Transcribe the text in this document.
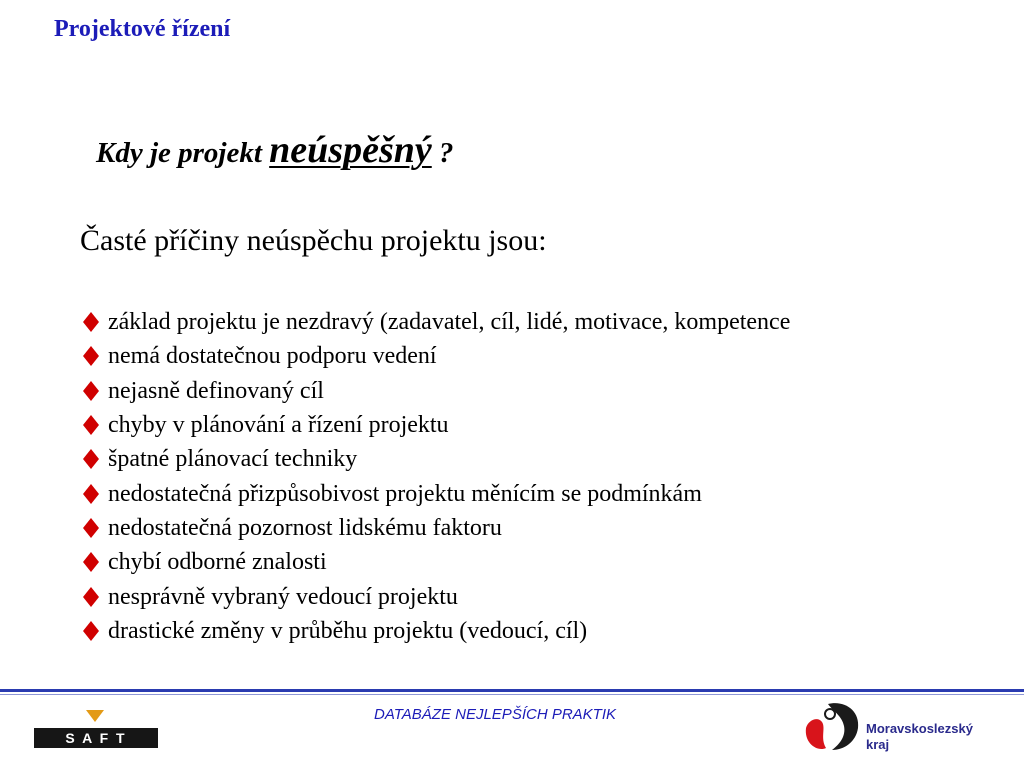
Projektové řízení
Kdy je projekt neúspěšný ?
Časté příčiny neúspěchu projektu jsou:
základ projektu je nezdravý (zadavatel, cíl, lidé, motivace, kompetence
nemá dostatečnou podporu vedení
nejasně definovaný cíl
chyby v plánování a řízení projektu
špatné plánovací techniky
nedostatečná přizpůsobivost projektu měnícím se podmínkám
nedostatečná pozornost lidskému faktoru
chybí odborné znalosti
nesprávně vybraný vedoucí projektu
drastické změny v průběhu projektu (vedoucí, cíl)
S A F T
DATABÁZE NEJLEPŠÍCH PRAKTIK
Moravskoslezský
kraj
